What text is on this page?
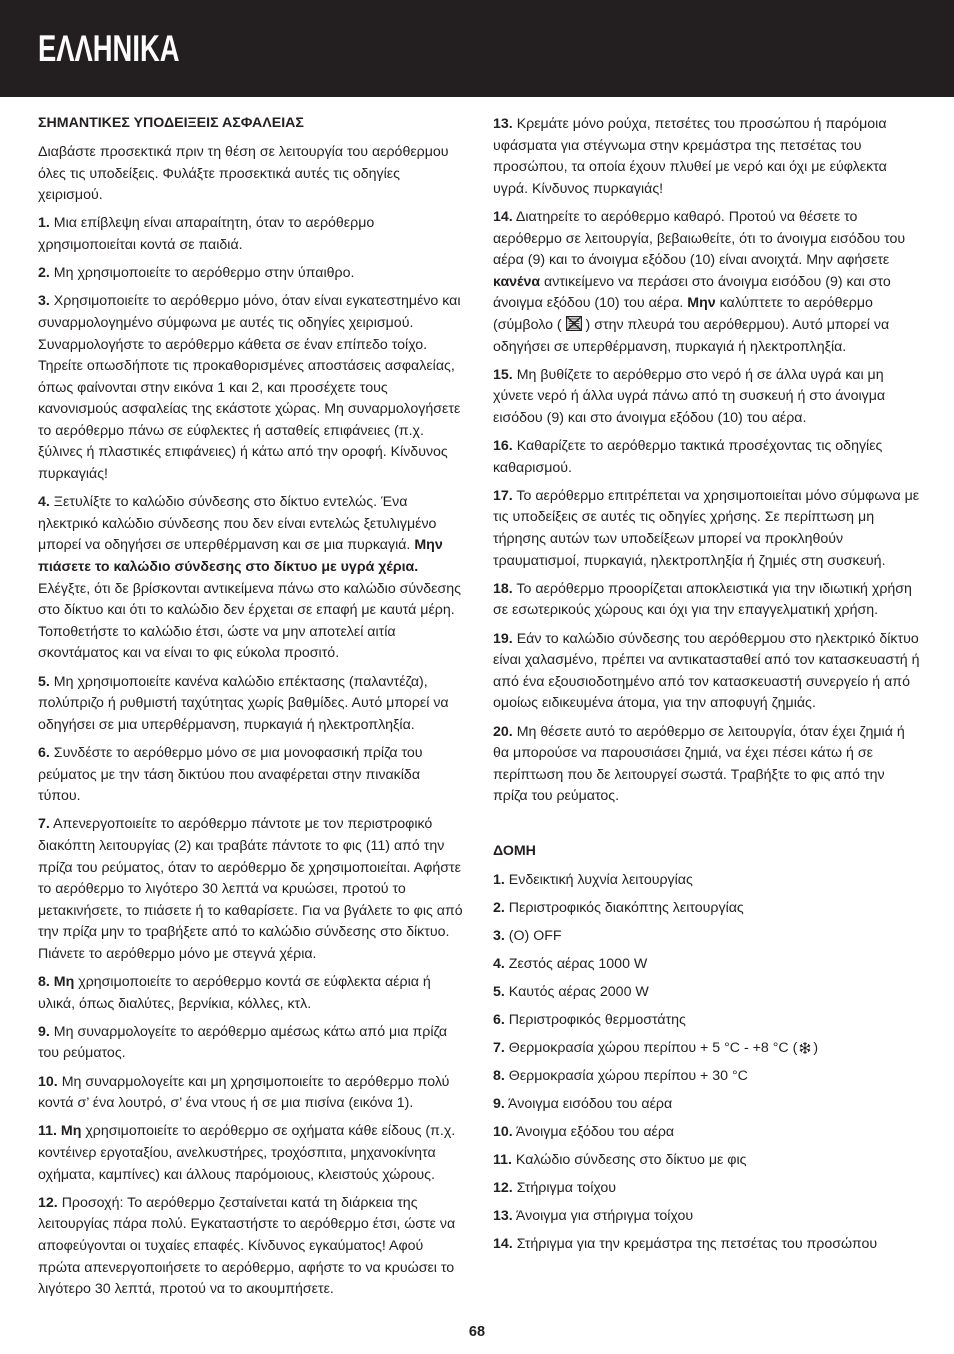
ΕΛΛΗΝΙΚΑ

ΣΗΜΑΝΤΙΚΕΣ ΥΠΟΔΕΙΞΕΙΣ ΑΣΦΑΛΕΙΑΣ

Διαβάστε προσεκτικά πριν τη θέση σε λειτουργία του αερόθερμου όλες τις υποδείξεις. Φυλάξτε προσεκτικά αυτές τις οδηγίες χειρισμού.

1. Μια επίβλεψη είναι απαραίτητη, όταν το αερόθερμο χρησιμοποιείται κοντά σε παιδιά.

2. Μη χρησιμοποιείτε το αερόθερμο στην ύπαιθρο.

3. Χρησιμοποιείτε το αερόθερμο μόνο, όταν είναι εγκατεστημένο και συναρμολογημένο σύμφωνα με αυτές τις οδηγίες χειρισμού. Συναρμολογήστε το αερόθερμο κάθετα σε έναν επίπεδο τοίχο. Τηρείτε οπωσδήποτε τις προκαθορισμένες αποστάσεις ασφαλείας, όπως φαίνονται στην εικόνα 1 και 2, και προσέχετε τους κανονισμούς ασφαλείας της εκάστοτε χώρας. Μη συναρμολογήσετε το αερόθερμο πάνω σε εύφλεκτες ή ασταθείς επιφάνειες (π.χ. ξύλινες ή πλαστικές επιφάνειες) ή κάτω από την οροφή. Κίνδυνος πυρκαγιάς!

4. Ξετυλίξτε το καλώδιο σύνδεσης στο δίκτυο εντελώς. Ένα ηλεκτρικό καλώδιο σύνδεσης που δεν είναι εντελώς ξετυλιγμένο μπορεί να οδηγήσει σε υπερθέρμανση και σε μια πυρκαγιά. Μην πιάσετε το καλώδιο σύνδεσης στο δίκτυο με υγρά χέρια. Ελέγξτε, ότι δε βρίσκονται αντικείμενα πάνω στο καλώδιο σύνδεσης στο δίκτυο και ότι το καλώδιο δεν έρχεται σε επαφή με καυτά μέρη. Τοποθετήστε το καλώδιο έτσι, ώστε να μην αποτελεί αιτία σκοντάματος και να είναι το φις εύκολα προσιτό.

5. Μη χρησιμοποιείτε κανένα καλώδιο επέκτασης (παλαντέζα), πολύπριζο ή ρυθμιστή ταχύτητας χωρίς βαθμίδες. Αυτό μπορεί να οδηγήσει σε μια υπερθέρμανση, πυρκαγιά ή ηλεκτροπληξία.

6. Συνδέστε το αερόθερμο μόνο σε μια μονοφασική πρίζα του ρεύματος με την τάση δικτύου που αναφέρεται στην πινακίδα τύπου.

7. Απενεργοποιείτε το αερόθερμο πάντοτε με τον περιστροφικό διακόπτη λειτουργίας (2) και τραβάτε πάντοτε το φις (11) από την πρίζα του ρεύματος, όταν το αερόθερμο δε χρησιμοποιείται. Αφήστε το αερόθερμο το λιγότερο 30 λεπτά να κρυώσει, προτού το μετακινήσετε, το πιάσετε ή το καθαρίσετε. Για να βγάλετε το φις από την πρίζα μην το τραβήξετε από το καλώδιο σύνδεσης στο δίκτυο. Πιάνετε το αερόθερμο μόνο με στεγνά χέρια.

8. Μη χρησιμοποιείτε το αερόθερμο κοντά σε εύφλεκτα αέρια ή υλικά, όπως διαλύτες, βερνίκια, κόλλες, κτλ.

9. Μη συναρμολογείτε το αερόθερμο αμέσως κάτω από μια πρίζα του ρεύματος.

10. Μη συναρμολογείτε και μη χρησιμοποιείτε το αερόθερμο πολύ κοντά σ’ ένα λουτρό, σ’ ένα ντους ή σε μια πισίνα (εικόνα 1).

11. Μη χρησιμοποιείτε το αερόθερμο σε οχήματα κάθε είδους (π.χ. κοντέινερ εργοταξίου, ανελκυστήρες, τροχόσπιτα, μηχανοκίνητα οχήματα, καμπίνες) και άλλους παρόμοιους, κλειστούς χώρους.

12. Προσοχή: Το αερόθερμο ζεσταίνεται κατά τη διάρκεια της λειτουργίας πάρα πολύ. Εγκαταστήστε το αερόθερμο έτσι, ώστε να αποφεύγονται οι τυχαίες επαφές. Κίνδυνος εγκαύματος! Αφού πρώτα απενεργοποιήσετε το αερόθερμο, αφήστε το να κρυώσει το λιγότερο 30 λεπτά, προτού να το ακουμπήσετε.

13. Κρεμάτε μόνο ρούχα, πετσέτες του προσώπου ή παρόμοια υφάσματα για στέγνωμα στην κρεμάστρα της πετσέτας του προσώπου, τα οποία έχουν πλυθεί με νερό και όχι με εύφλεκτα υγρά. Κίνδυνος πυρκαγιάς!

14. Διατηρείτε το αερόθερμο καθαρό. Προτού να θέσετε το αερόθερμο σε λειτουργία, βεβαιωθείτε, ότι το άνοιγμα εισόδου του αέρα (9) και το άνοιγμα εξόδου (10) είναι ανοιχτά. Μην αφήσετε κανένα αντικείμενο να περάσει στο άνοιγμα εισόδου (9) και στο άνοιγμα εξόδου (10) του αέρα. Μην καλύπτετε το αερόθερμο (σύμβολο ( ) στην πλευρά του αερόθερμου). Αυτό μπορεί να οδηγήσει σε υπερθέρμανση, πυρκαγιά ή ηλεκτροπληξία.

15. Μη βυθίζετε το αερόθερμο στο νερό ή σε άλλα υγρά και μη χύνετε νερό ή άλλα υγρά πάνω από τη συσκευή ή στο άνοιγμα εισόδου (9) και στο άνοιγμα εξόδου (10) του αέρα.

16. Καθαρίζετε το αερόθερμο τακτικά προσέχοντας τις οδηγίες καθαρισμού.

17. Το αερόθερμο επιτρέπεται να χρησιμοποιείται μόνο σύμφωνα με τις υποδείξεις σε αυτές τις οδηγίες χρήσης. Σε περίπτωση μη τήρησης αυτών των υποδείξεων μπορεί να προκληθούν τραυματισμοί, πυρκαγιά, ηλεκτροπληξία ή ζημιές στη συσκευή.

18. Το αερόθερμο προορίζεται αποκλειστικά για την ιδιωτική χρήση σε εσωτερικούς χώρους και όχι για την επαγγελματική χρήση.

19. Εάν το καλώδιο σύνδεσης του αερόθερμου στο ηλεκτρικό δίκτυο είναι χαλασμένο, πρέπει να αντικατασταθεί από τον κατασκευαστή ή από ένα εξουσιοδοτημένο από τον κατασκευαστή συνεργείο ή από ομοίως ειδικευμένα άτομα, για την αποφυγή ζημιάς.

20. Μη θέσετε αυτό το αερόθερμο σε λειτουργία, όταν έχει ζημιά ή θα μπορούσε να παρουσιάσει ζημιά, να έχει πέσει κάτω ή σε περίπτωση που δε λειτουργεί σωστά. Τραβήξτε το φις από την πρίζα του ρεύματος.

ΔΟΜΗ

1. Ενδεικτική λυχνία λειτουργίας

2. Περιστροφικός διακόπτης λειτουργίας

3. (O) OFF

4. Ζεστός αέρας 1000 W

5. Καυτός αέρας 2000 W

6. Περιστροφικός θερμοστάτης

7. Θερμοκρασία χώρου περίπου + 5 °C - +8 °C ( )

8. Θερμοκρασία χώρου περίπου + 30 °C

9. Άνοιγμα εισόδου του αέρα

10. Άνοιγμα εξόδου του αέρα

11. Καλώδιο σύνδεσης στο δίκτυο με φις

12. Στήριγμα τοίχου

13. Άνοιγμα για στήριγμα τοίχου

14. Στήριγμα για την κρεμάστρα της πετσέτας του προσώπου

68
